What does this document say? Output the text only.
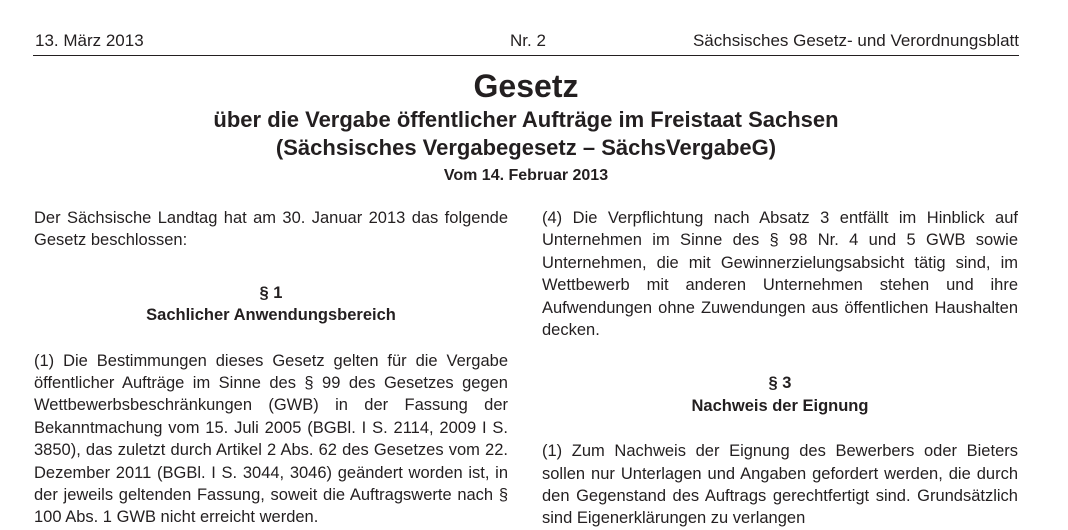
13. März 2013	Nr. 2	Sächsisches Gesetz- und Verordnungsblatt
Gesetz
über die Vergabe öffentlicher Aufträge im Freistaat Sachsen
(Sächsisches Vergabegesetz – SächsVergabeG)
Vom 14. Februar 2013

Der Sächsische Landtag hat am 30. Januar 2013 das folgende Gesetz beschlossen:

§ 1

Sachlicher Anwendungsbereich

(1) Die Bestimmungen dieses Gesetz gelten für die Vergabe öffentlicher Aufträge im Sinne des § 99 des Gesetzes gegen Wettbewerbsbeschränkungen (GWB) in der Fassung der Bekanntmachung vom 15. Juli 2005 (BGBl. I S. 2114, 2009 I S. 3850), das zuletzt durch Artikel 2 Abs. 62 des Gesetzes vom 22. Dezember 2011 (BGBl. I S. 3044, 3046) geändert worden ist, in der jeweils geltenden Fassung, soweit die Auftragswerte nach § 100 Abs. 1 GWB nicht erreicht werden.

(4) Die Verpflichtung nach Absatz 3 entfällt im Hinblick auf Unternehmen im Sinne des § 98 Nr. 4 und 5 GWB sowie Unternehmen, die mit Gewinnerzielungsabsicht tätig sind, im Wettbewerb mit anderen Unternehmen stehen und ihre Aufwendungen ohne Zuwendungen aus öffentlichen Haushalten decken.

§ 3

Nachweis der Eignung

(1) Zum Nachweis der Eignung des Bewerbers oder Bieters sollen nur Unterlagen und Angaben gefordert werden, die durch den Gegenstand des Auftrags gerechtfertigt sind. Grundsätzlich sind Eigenerklärungen zu verlangen
